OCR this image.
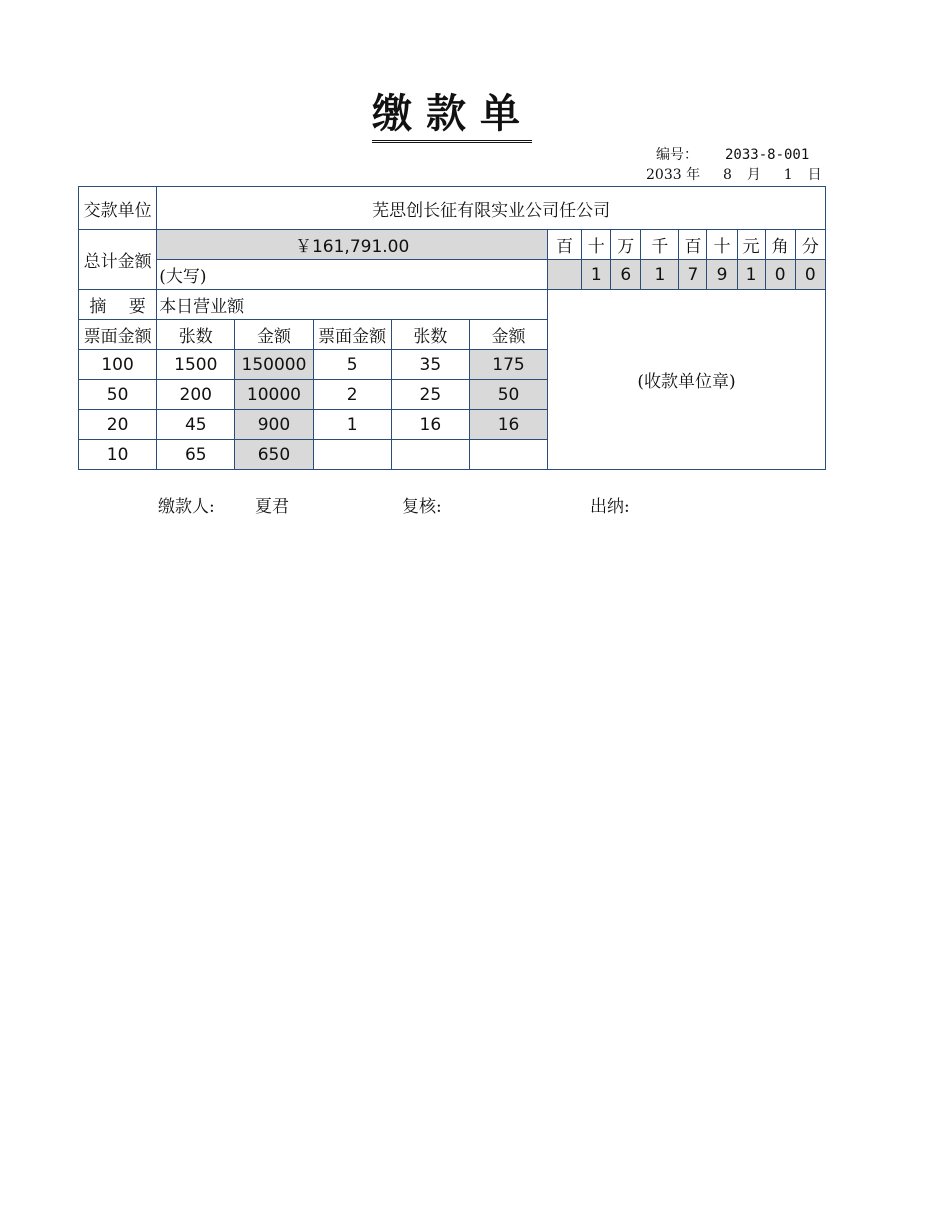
缴款单
编号： 2033-8-001
2033 年 8 月 1 日
交款单位	芜思创长征有限实业公司任公司													
总计金额	￥161,791.00					百	十	万	千	百	十	元	角	分
	(大写)						1	6	1	7	9	1	0	0
摘　 要	本日营业额					(收款单位章)								
票面金额	张数	金额	票面金额	张数	金额									
100	1500	150000	5	35	175									
50	200	10000	2	25	50									
20	45	900	1	16	16									
10	65	650												
缴款人: 夏君	复核:	出纳:
